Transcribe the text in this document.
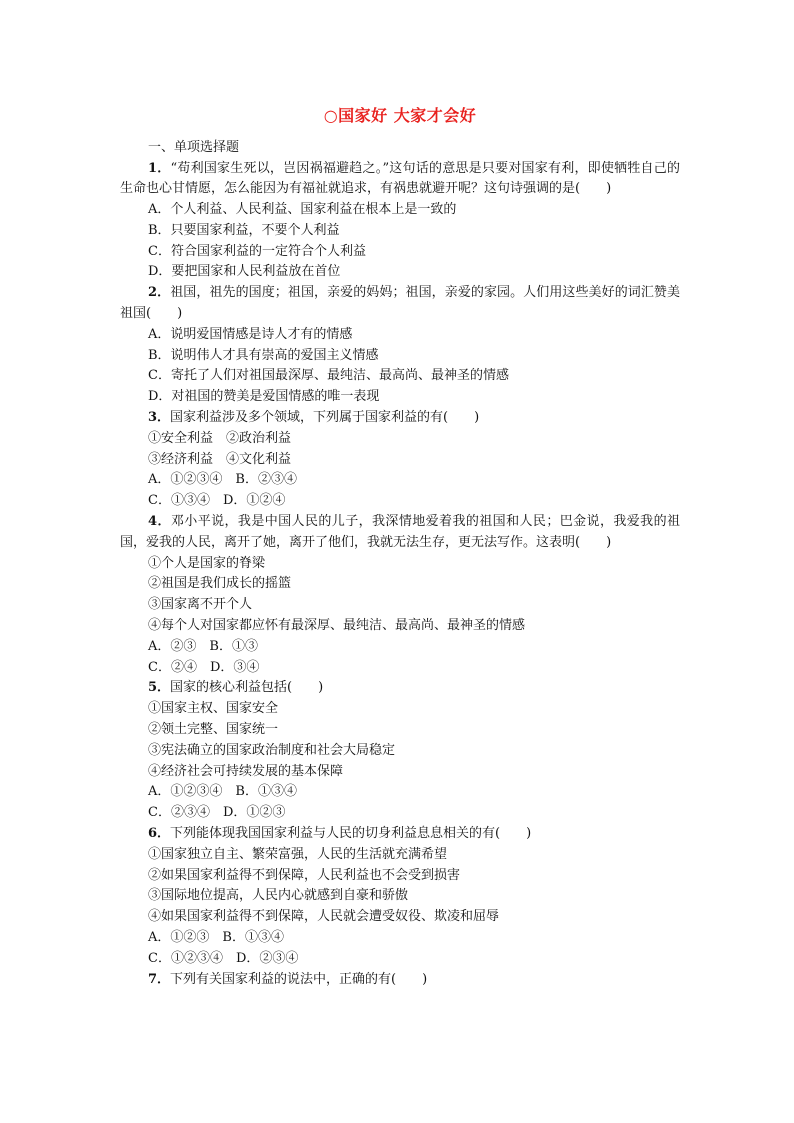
○国家好 大家才会好
一、单项选择题

1．“苟利国家生死以，岂因祸福避趋之。”这句话的意思是只要对国家有利，即使牺牲自己的生命也心甘情愿，怎么能因为有福祉就追求，有祸患就避开呢？这句诗强调的是(　　)

A．个人利益、人民利益、国家利益在根本上是一致的

B．只要国家利益，不要个人利益

C．符合国家利益的一定符合个人利益

D．要把国家和人民利益放在首位

2．祖国，祖先的国度；祖国，亲爱的妈妈；祖国，亲爱的家园。人们用这些美好的词汇赞美祖国(　　)

A．说明爱国情感是诗人才有的情感

B．说明伟人才具有崇高的爱国主义情感

C．寄托了人们对祖国最深厚、最纯洁、最高尚、最神圣的情感

D．对祖国的赞美是爱国情感的唯一表现

3．国家利益涉及多个领域，下列属于国家利益的有(　　)

①安全利益　②政治利益

③经济利益　④文化利益

A．①②③④　B．②③④

C．①③④　D．①②④

4．邓小平说，我是中国人民的儿子，我深情地爱着我的祖国和人民；巴金说，我爱我的祖国，爱我的人民，离开了她，离开了他们，我就无法生存，更无法写作。这表明(　　)

①个人是国家的脊梁

②祖国是我们成长的摇篮

③国家离不开个人

④每个人对国家都应怀有最深厚、最纯洁、最高尚、最神圣的情感

A．②③　B．①③

C．②④　D．③④

5．国家的核心利益包括(　　)

①国家主权、国家安全

②领土完整、国家统一

③宪法确立的国家政治制度和社会大局稳定

④经济社会可持续发展的基本保障

A．①②③④　B．①③④

C．②③④　D．①②③

6．下列能体现我国国家利益与人民的切身利益息息相关的有(　　)

①国家独立自主、繁荣富强，人民的生活就充满希望

②如果国家利益得不到保障，人民利益也不会受到损害

③国际地位提高，人民内心就感到自豪和骄傲

④如果国家利益得不到保障，人民就会遭受奴役、欺凌和屈辱

A．①②③　B．①③④

C．①②③④　D．②③④

7．下列有关国家利益的说法中，正确的有(　　)
